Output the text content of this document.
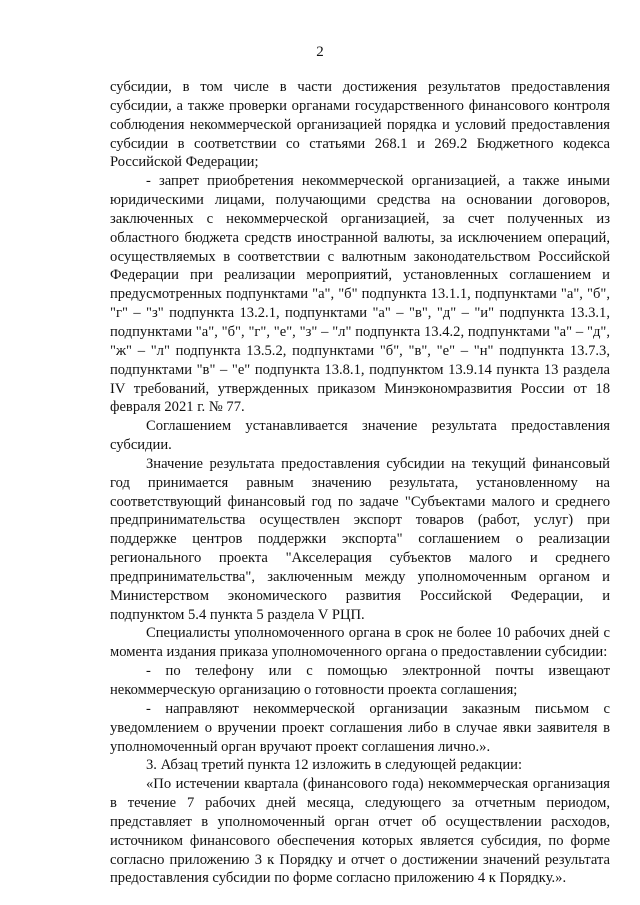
2

субсидии, в том числе в части достижения результатов предоставления субсидии, а также проверки органами государственного финансового контроля соблюдения некоммерческой организацией порядка и условий предоставления субсидии в соответствии со статьями 268.1 и 269.2 Бюджетного кодекса Российской Федерации;

- запрет приобретения некоммерческой организацией, а также иными юридическими лицами, получающими средства на основании договоров, заключенных с некоммерческой организацией, за счет полученных из областного бюджета средств иностранной валюты, за исключением операций, осуществляемых в соответствии с валютным законодательством Российской Федерации при реализации мероприятий, установленных соглашением и предусмотренных подпунктами "а", "б" подпункта 13.1.1, подпунктами "а", "б", "г" – "з" подпункта 13.2.1, подпунктами "а" – "в", "д" – "и" подпункта 13.3.1, подпунктами "а", "б", "г", "е", "з" – "л" подпункта 13.4.2, подпунктами "а" – "д", "ж" – "л" подпункта 13.5.2, подпунктами "б", "в", "е" – "н" подпункта 13.7.3, подпунктами "в" – "е" подпункта 13.8.1, подпунктом 13.9.14 пункта 13 раздела IV требований, утвержденных приказом Минэкономразвития России от 18 февраля 2021 г. № 77.

Соглашением устанавливается значение результата предоставления субсидии.

Значение результата предоставления субсидии на текущий финансовый год принимается равным значению результата, установленному на соответствующий финансовый год по задаче "Субъектами малого и среднего предпринимательства осуществлен экспорт товаров (работ, услуг) при поддержке центров поддержки экспорта" соглашением о реализации регионального проекта "Акселерация субъектов малого и среднего предпринимательства", заключенным между уполномоченным органом и Министерством экономического развития Российской Федерации, и подпунктом 5.4 пункта 5 раздела V РЦП.

Специалисты уполномоченного органа в срок не более 10 рабочих дней с момента издания приказа уполномоченного органа о предоставлении субсидии:

- по телефону или с помощью электронной почты извещают некоммерческую организацию о готовности проекта соглашения;

- направляют некоммерческой организации заказным письмом с уведомлением о вручении проект соглашения либо в случае явки заявителя в уполномоченный орган вручают проект соглашения лично.».

3. Абзац третий пункта 12 изложить в следующей редакции:

«По истечении квартала (финансового года) некоммерческая организация в течение 7 рабочих дней месяца, следующего за отчетным периодом, представляет в уполномоченный орган отчет об осуществлении расходов, источником финансового обеспечения которых является субсидия, по форме согласно приложению 3 к Порядку и отчет о достижении значений результата предоставления субсидии по форме согласно приложению 4 к Порядку.».
